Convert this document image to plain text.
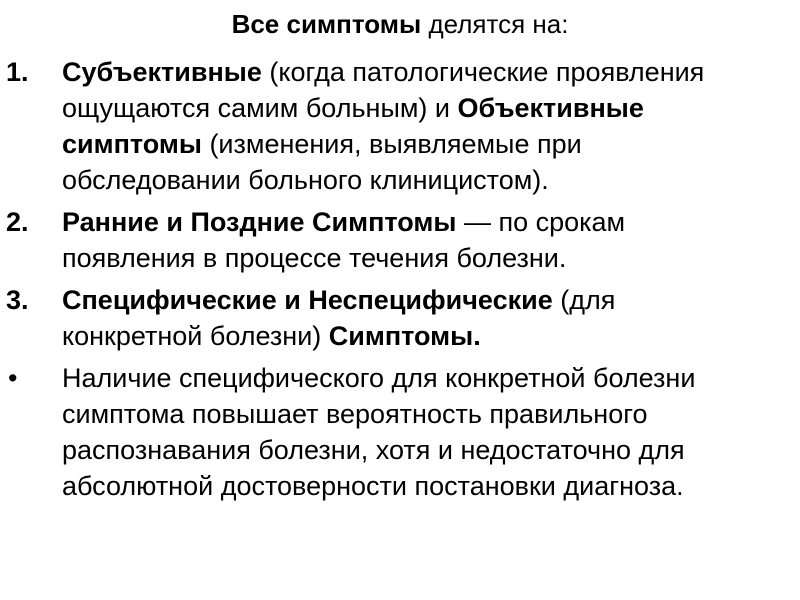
Все симптомы делятся на:
1. Субъективные (когда патологические проявления ощущаются самим больным) и Объективные симптомы (изменения, выявляемые при обследовании больного клиницистом).
2. Ранние и Поздние Симптомы — по срокам появления в процессе течения болезни.
3. Специфические и Неспецифические (для конкретной болезни) Симптомы.
• Наличие специфического для конкретной болезни симптома повышает вероятность правильного распознавания болезни, хотя и недостаточно для абсолютной достоверности постановки диагноза.
